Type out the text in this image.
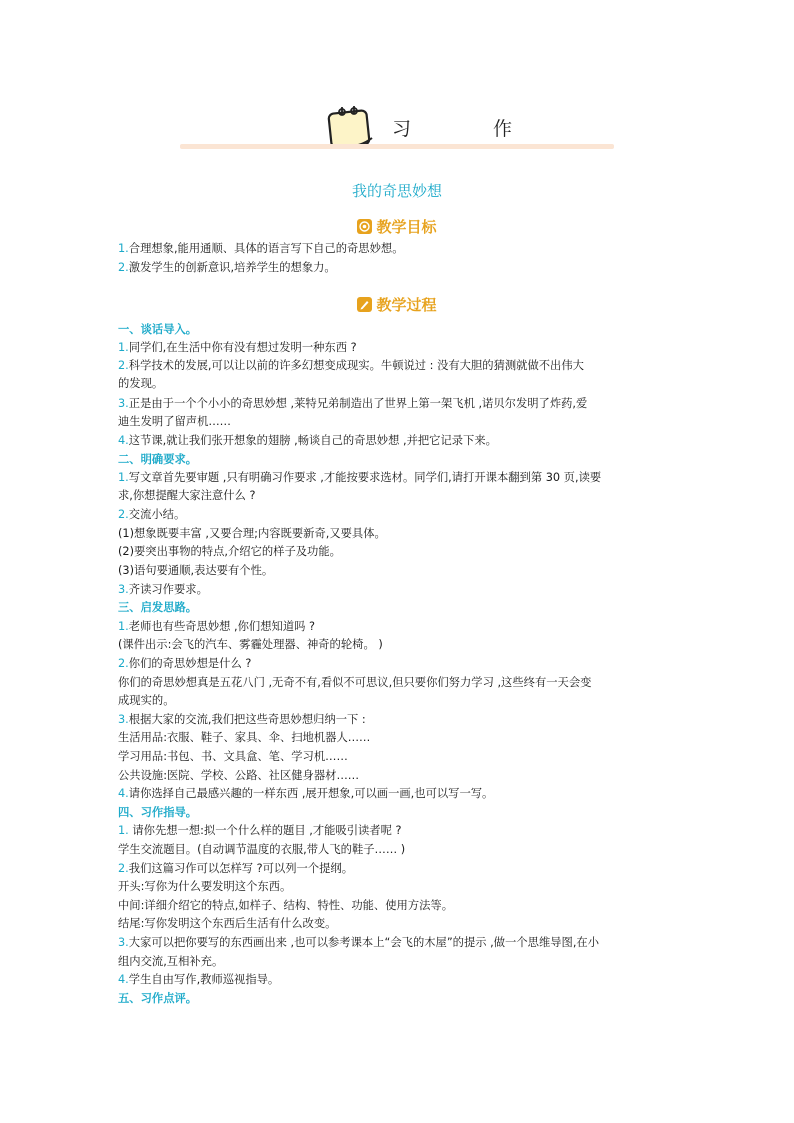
习 作
我的奇思妙想
教学目标
1.合理想象,能用通顺、具体的语言写下自己的奇思妙想。
2.激发学生的创新意识,培养学生的想象力。
教学过程
一、谈话导入。
1.同学们,在生活中你有没有想过发明一种东西 ?
2.科学技术的发展,可以让以前的许多幻想变成现实。牛顿说过 : 没有大胆的猜测就做不出伟大
的发现。
3.正是由于一个个小小的奇思妙想 ,莱特兄弟制造出了世界上第一架飞机 ,诺贝尔发明了炸药,爱
迪生发明了留声机……
4.这节课,就让我们张开想象的翅膀 ,畅谈自己的奇思妙想 ,并把它记录下来。
二、明确要求。
1.写文章首先要审题 ,只有明确习作要求 ,才能按要求选材。同学们,请打开课本翻到第 30 页,读要
求,你想提醒大家注意什么 ?
2.交流小结。
(1)想象既要丰富 ,又要合理;内容既要新奇,又要具体。
(2)要突出事物的特点,介绍它的样子及功能。
(3)语句要通顺,表达要有个性。
3.齐读习作要求。
三、启发思路。
1.老师也有些奇思妙想 ,你们想知道吗 ?
(课件出示:会飞的汽车、雾霾处理器、神奇的轮椅。 )
2.你们的奇思妙想是什么 ?
你们的奇思妙想真是五花八门 ,无奇不有,看似不可思议,但只要你们努力学习 ,这些终有一天会变
成现实的。
3.根据大家的交流,我们把这些奇思妙想归纳一下 :
生活用品:衣服、鞋子、家具、伞、扫地机器人……
学习用品:书包、书、文具盒、笔、学习机……
公共设施:医院、学校、公路、社区健身器材……
4.请你选择自己最感兴趣的一样东西 ,展开想象,可以画一画,也可以写一写。
四、习作指导。
1. 请你先想一想:拟一个什么样的题目 ,才能吸引读者呢 ?
学生交流题目。(自动调节温度的衣服,带人飞的鞋子…… )
2.我们这篇习作可以怎样写 ?可以列一个提纲。
开头:写你为什么要发明这个东西。
中间:详细介绍它的特点,如样子、结构、特性、功能、使用方法等。
结尾:写你发明这个东西后生活有什么改变。
3.大家可以把你要写的东西画出来 ,也可以参考课本上“会飞的木屋”的提示 ,做一个思维导图,在小
组内交流,互相补充。
4.学生自由写作,教师巡视指导。
五、习作点评。
